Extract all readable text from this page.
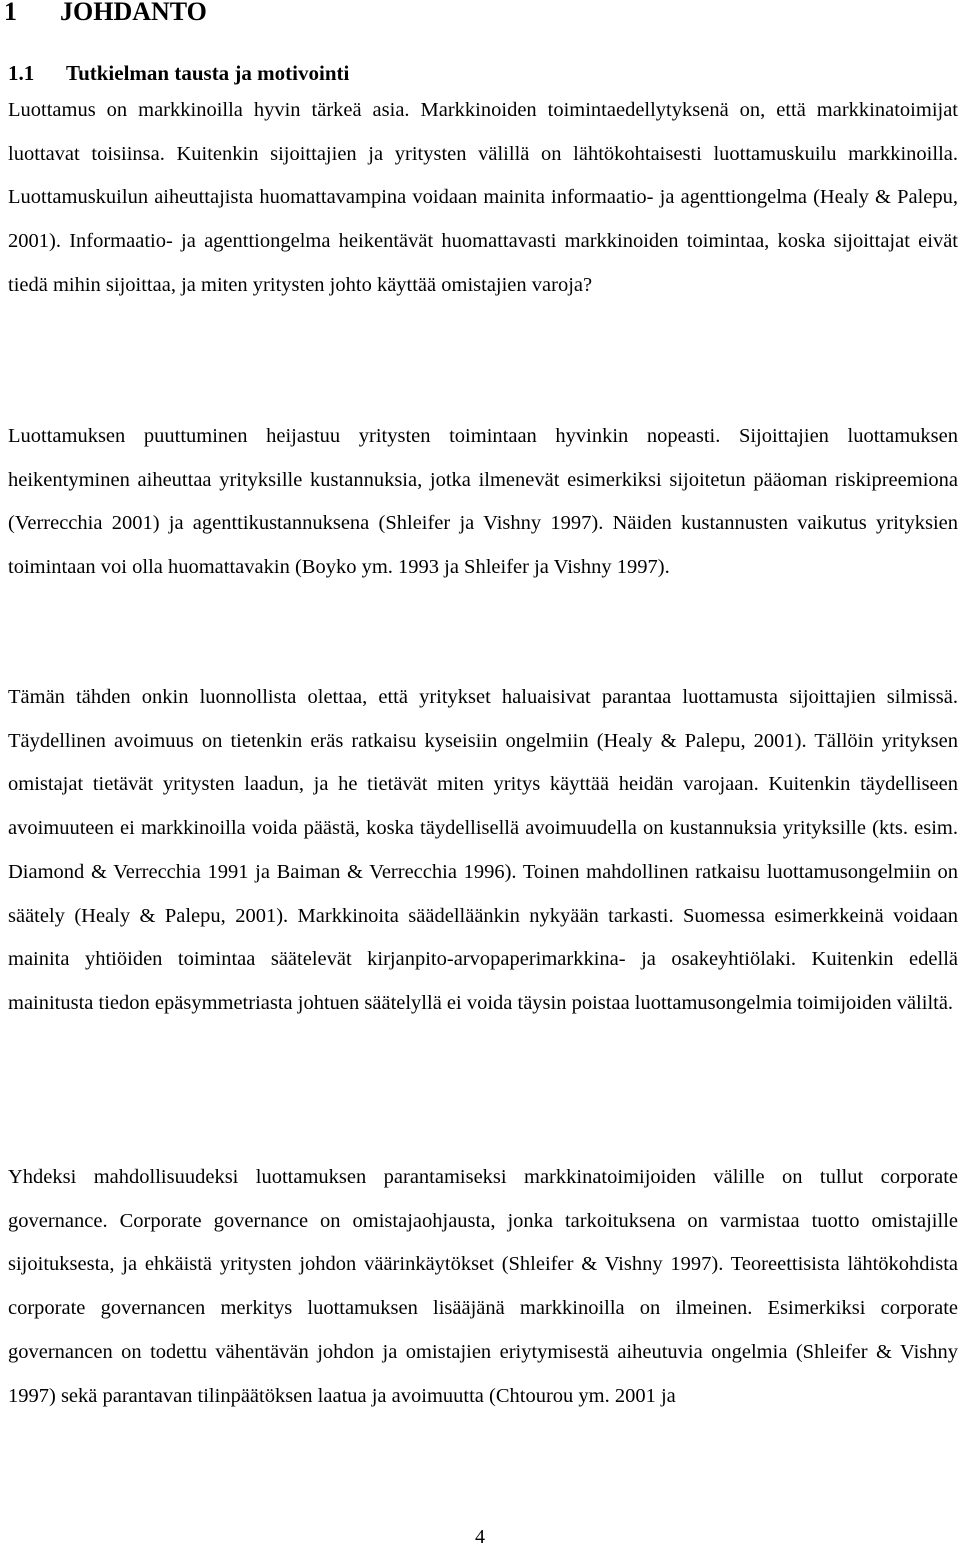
1 JOHDANTO
1.1 Tutkielman tausta ja motivointi

Luottamus on markkinoilla hyvin tärkeä asia. Markkinoiden toimintaedellytyksenä on, että markkinatoimijat luottavat toisiinsa. Kuitenkin sijoittajien ja yritysten välillä on lähtökohtaisesti luottamuskuilu markkinoilla. Luottamuskuilun aiheuttajista huomattavampina voidaan mainita informaatio- ja agenttiongelma (Healy & Palepu, 2001). Informaatio- ja agenttiongelma heikentävät huomattavasti markkinoiden toimintaa, koska sijoittajat eivät tiedä mihin sijoittaa, ja miten yritysten johto käyttää omistajien varoja?

Luottamuksen puuttuminen heijastuu yritysten toimintaan hyvinkin nopeasti. Sijoittajien luottamuksen heikentyminen aiheuttaa yrityksille kustannuksia, jotka ilmenevät esimerkiksi sijoitetun pääoman riskipreemiona (Verrecchia 2001) ja agenttikustannuksena (Shleifer ja Vishny 1997). Näiden kustannusten vaikutus yrityksien toimintaan voi olla huomattavakin (Boyko ym. 1993 ja Shleifer ja Vishny 1997).

Tämän tähden onkin luonnollista olettaa, että yritykset haluaisivat parantaa luottamusta sijoittajien silmissä. Täydellinen avoimuus on tietenkin eräs ratkaisu kyseisiin ongelmiin (Healy & Palepu, 2001). Tällöin yrityksen omistajat tietävät yritysten laadun, ja he tietävät miten yritys käyttää heidän varojaan. Kuitenkin täydelliseen avoimuuteen ei markkinoilla voida päästä, koska täydellisellä avoimuudella on kustannuksia yrityksille (kts. esim. Diamond & Verrecchia 1991 ja Baiman & Verrecchia 1996). Toinen mahdollinen ratkaisu luottamusongelmiin on säätely (Healy & Palepu, 2001). Markkinoita säädelläänkin nykyään tarkasti. Suomessa esimerkkeinä voidaan mainita yhtiöiden toimintaa säätelevät kirjanpito-arvopaperimarkkina- ja osakeyhtiölaki. Kuitenkin edellä mainitusta tiedon epäsymmetriasta johtuen säätelyllä ei voida täysin poistaa luottamusongelmia toimijoiden väliltä.

Yhdeksi mahdollisuudeksi luottamuksen parantamiseksi markkinatoimijoiden välille on tullut corporate governance. Corporate governance on omistajaohjausta, jonka tarkoituksena on varmistaa tuotto omistajille sijoituksesta, ja ehkäistä yritysten johdon väärinkäytökset (Shleifer & Vishny 1997). Teoreettisista lähtökohdista corporate governancen merkitys luottamuksen lisääjänä markkinoilla on ilmeinen. Esimerkiksi corporate governancen on todettu vähentävän johdon ja omistajien eriytymisestä aiheutuvia ongelmia (Shleifer & Vishny 1997) sekä parantavan tilinpäätöksen laatua ja avoimuutta (Chtourou ym. 2001 ja

4
